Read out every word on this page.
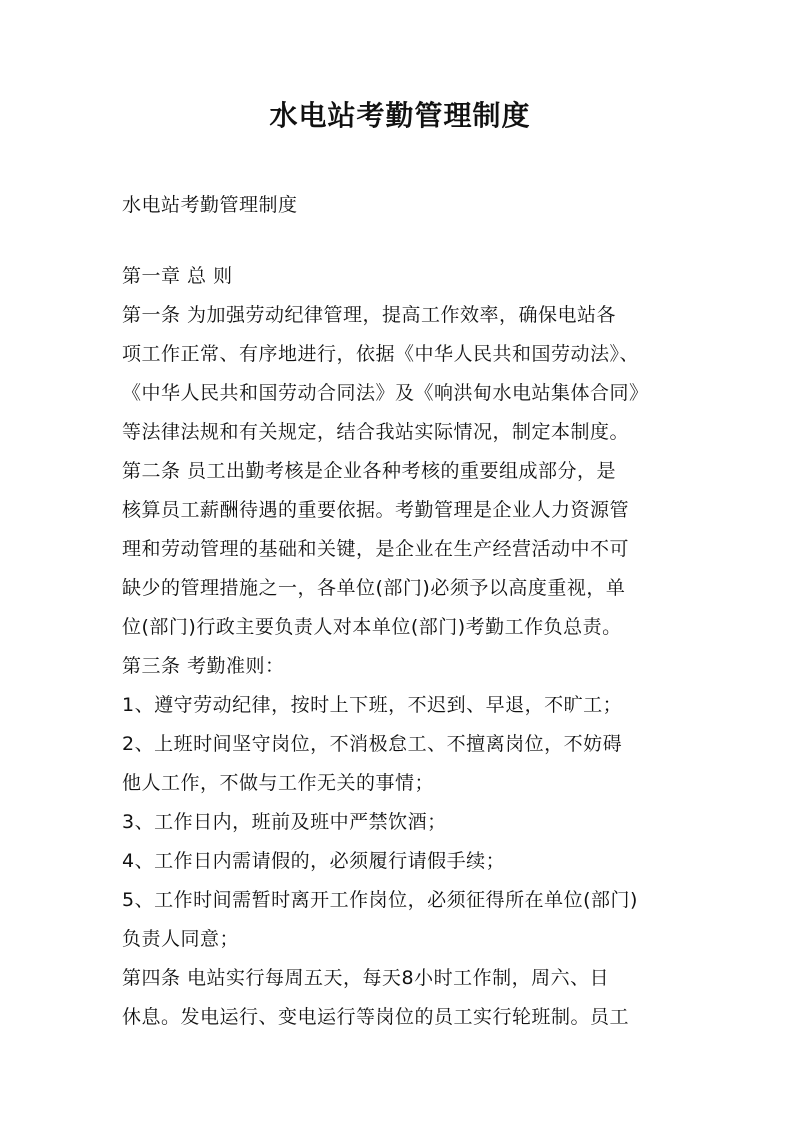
水电站考勤管理制度
水电站考勤管理制度
第一章 总 则
第一条 为加强劳动纪律管理，提高工作效率，确保电站各
项工作正常、有序地进行，依据《中华人民共和国劳动法》、
《中华人民共和国劳动合同法》及《响洪甸水电站集体合同》
等法律法规和有关规定，结合我站实际情况，制定本制度。
第二条 员工出勤考核是企业各种考核的重要组成部分，是
核算员工薪酬待遇的重要依据。考勤管理是企业人力资源管
理和劳动管理的基础和关键，是企业在生产经营活动中不可
缺少的管理措施之一，各单位(部门)必须予以高度重视，单
位(部门)行政主要负责人对本单位(部门)考勤工作负总责。
第三条 考勤准则：
1、遵守劳动纪律，按时上下班，不迟到、早退，不旷工；
2、上班时间坚守岗位，不消极怠工、不擅离岗位，不妨碍
他人工作，不做与工作无关的事情；
3、工作日内，班前及班中严禁饮酒；
4、工作日内需请假的，必须履行请假手续；
5、工作时间需暂时离开工作岗位，必须征得所在单位(部门)
负责人同意；
第四条 电站实行每周五天，每天8小时工作制，周六、日
休息。发电运行、变电运行等岗位的员工实行轮班制。员工
